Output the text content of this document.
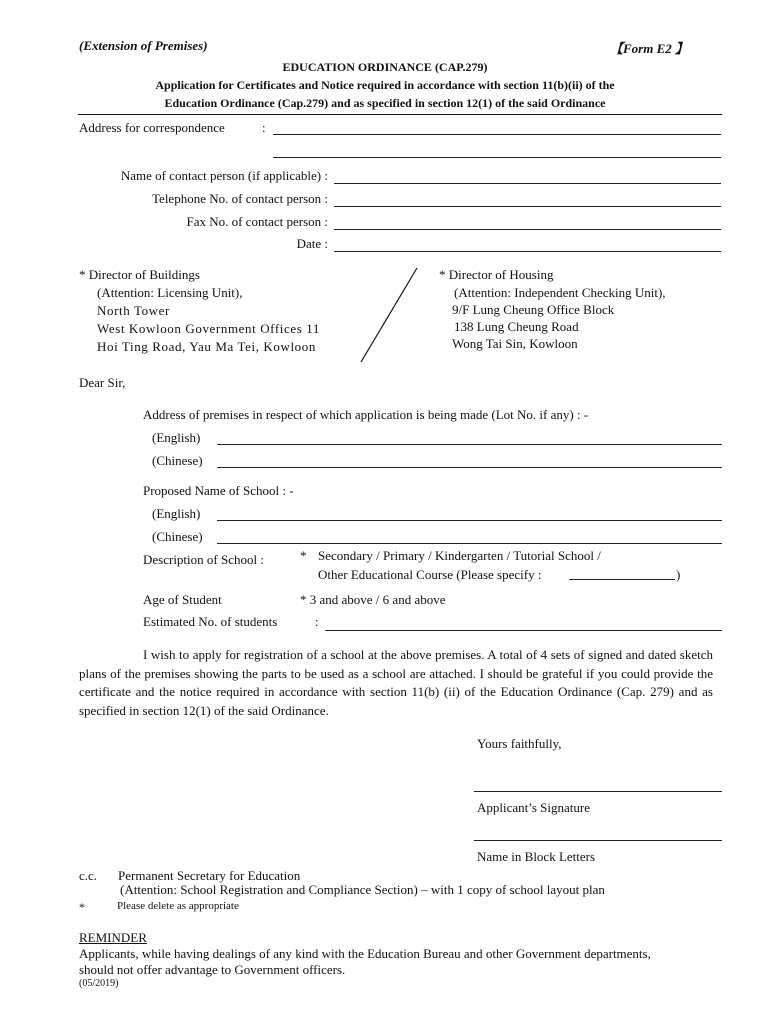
(Extension of Premises)	【Form E2 】
EDUCATION ORDINANCE (CAP.279)
Application for Certificates and Notice required in accordance with section 11(b)(ii) of the
Education Ordinance (Cap.279) and as specified in section 12(1) of the said Ordinance
Address for correspondence	:
Name of contact person (if applicable) :
Telephone No. of contact person :
Fax No. of contact person :
Date :
* Director of Buildings
(Attention: Licensing Unit),
North Tower
West Kowloon Government Offices 11
Hoi Ting Road, Yau Ma Tei, Kowloon
* Director of Housing
(Attention: Independent Checking Unit),
9/F Lung Cheung Office Block
138 Lung Cheung Road
Wong Tai Sin, Kowloon
Dear Sir,
Address of premises in respect of which application is being made (Lot No. if any) : -
(English)
(Chinese)
Proposed Name of School : -
(English)
(Chinese)
Description of School :	* Secondary / Primary / Kindergarten / Tutorial School /
Other Educational Course (Please specify :	)
Age of Student	* 3 and above / 6 and above
Estimated No. of students	:
I wish to apply for registration of a school at the above premises. A total of 4 sets of signed and dated sketch plans of the premises showing the parts to be used as a school are attached. I should be grateful if you could provide the certificate and the notice required in accordance with section 11(b) (ii) of the Education Ordinance (Cap. 279) and as specified in section 12(1) of the said Ordinance.
Yours faithfully,
Applicant’s Signature
Name in Block Letters
c.c. Permanent Secretary for Education
(Attention: School Registration and Compliance Section) – with 1 copy of school layout plan
*	Please delete as appropriate
REMINDER
Applicants, while having dealings of any kind with the Education Bureau and other Government departments,
should not offer advantage to Government officers.
(05/2019)
